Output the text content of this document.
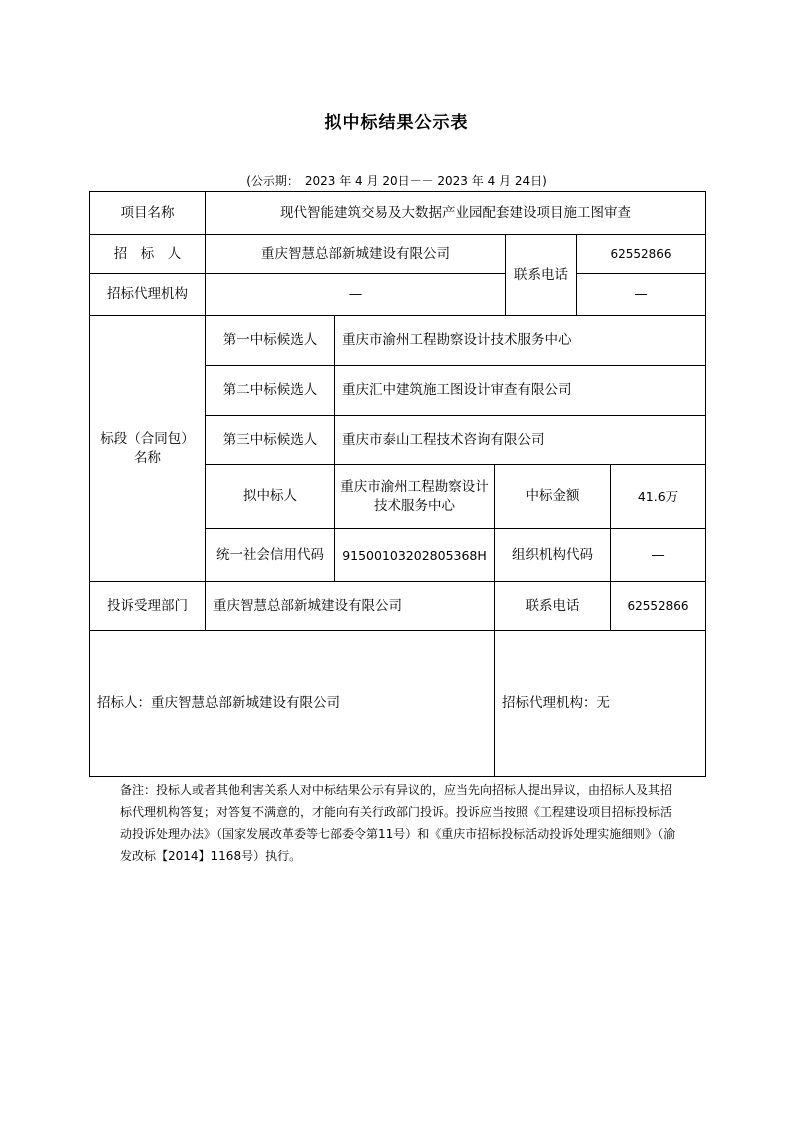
拟中标结果公示表
(公示期：　2023 年 4 月 20日－－ 2023 年 4 月 24日)
项目名称	现代智能建筑交易及大数据产业园配套建设项目施工图审查					
招　标　人	重庆智慧总部新城建设有限公司			联系电话	62552866	
招标代理机构	—				—	
标段（合同包）名称	第一中标候选人	重庆市渝州工程勘察设计技术服务中心				
	第二中标候选人	重庆汇中建筑施工图设计审查有限公司				
	第三中标候选人	重庆市泰山工程技术咨询有限公司				
	拟中标人	重庆市渝州工程勘察设计技术服务中心	中标金额			41.6万
	统一社会信用代码	91500103202805368H	组织机构代码			—
投诉受理部门	重庆智慧总部新城建设有限公司		联系电话			62552866
招标人：重庆智慧总部新城建设有限公司			招标代理机构：无			
备注：投标人或者其他利害关系人对中标结果公示有异议的，应当先向招标人提出异议，由招标人及其招标代理机构答复；对答复不满意的，才能向有关行政部门投诉。投诉应当按照《工程建设项目招标投标活动投诉处理办法》（国家发展改革委等七部委令第11号）和《重庆市招标投标活动投诉处理实施细则》（渝发改标【2014】1168号）执行。
